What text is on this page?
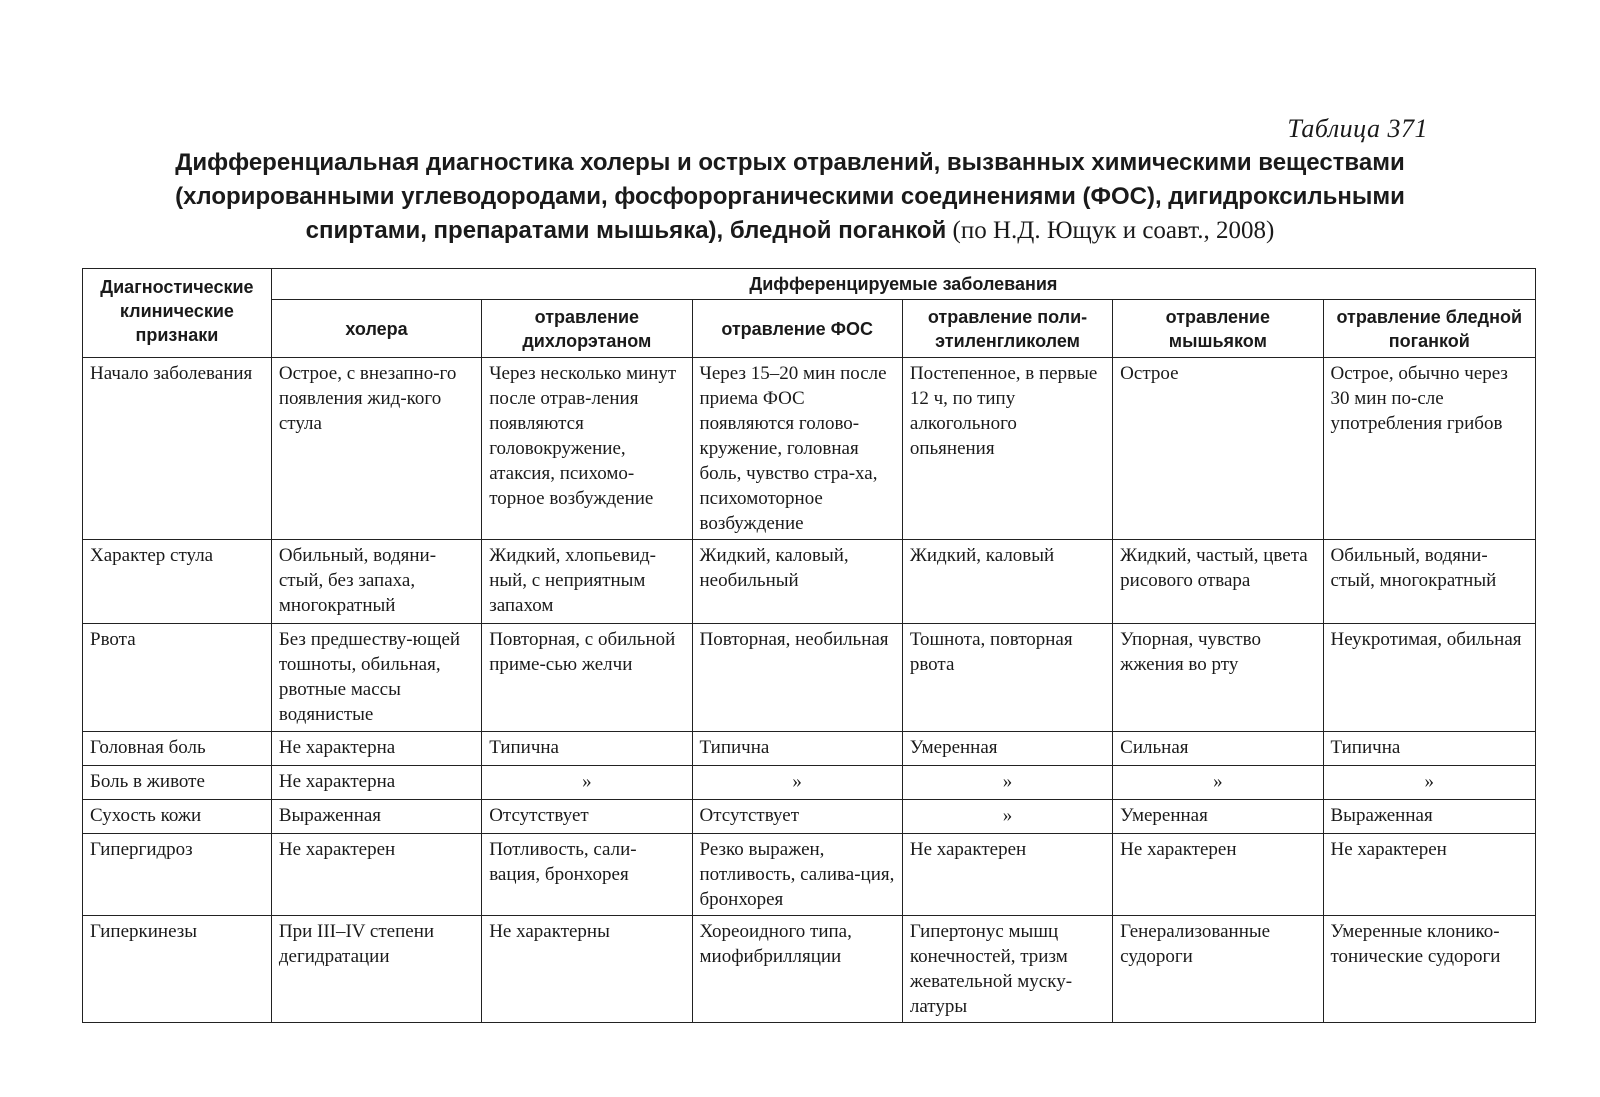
Таблица 371
Дифференциальная диагностика холеры и острых отравлений, вызванных химическими веществами (хлорированными углеводородами, фосфорорганическими соединениями (ФОС), дигидроксильными спиртами, препаратами мышьяка), бледной поганкой (по Н.Д. Ющук и соавт., 2008)
Диагностические клинические признаки	Дифференцируемые заболевания					
	холера	отравление дихлорэтаном	отравление ФОС	отравление поли-этиленгликолем	отравление мышьяком	отравление бледной поганкой
Начало заболевания	Острое, с внезапно-го появления жид-кого стула	Через несколько минут после отрав-ления появляются головокружение, атаксия, психомо-торное возбуждение	Через 15–20 мин после приема ФОС появляются голово-кружение, головная боль, чувство стра-ха, психомоторное возбуждение	Постепенное, в первые 12 ч, по типу алкогольного опьянения	Острое	Острое, обычно через 30 мин по-сле употребления грибов
Характер стула	Обильный, водяни-стый, без запаха, многократный	Жидкий, хлопьевид-ный, с неприятным запахом	Жидкий, каловый, необильный	Жидкий, каловый	Жидкий, частый, цвета рисового отвара	Обильный, водяни-стый, многократный
Рвота	Без предшеству-ющей тошноты, обильная, рвотные массы водянистые	Повторная, с обильной приме-сью желчи	Повторная, необильная	Тошнота, повторная рвота	Упорная, чувство жжения во рту	Неукротимая, обильная
Головная боль	Не характерна	Типична	Типична	Умеренная	Сильная	Типична
Боль в животе	Не характерна	»	»	»	»	»
Сухость кожи	Выраженная	Отсутствует	Отсутствует	»	Умеренная	Выраженная
Гипергидроз	Не характерен	Потливость, сали-вация, бронхорея	Резко выражен, потливость, салива-ция, бронхорея	Не характерен	Не характерен	Не характерен
Гиперкинезы	При III–IV степени дегидратации	Не характерны	Хореоидного типа, миофибрилляции	Гипертонус мышц конечностей, тризм жевательной муску-латуры	Генерализованные судороги	Умеренные клонико-тонические судороги
